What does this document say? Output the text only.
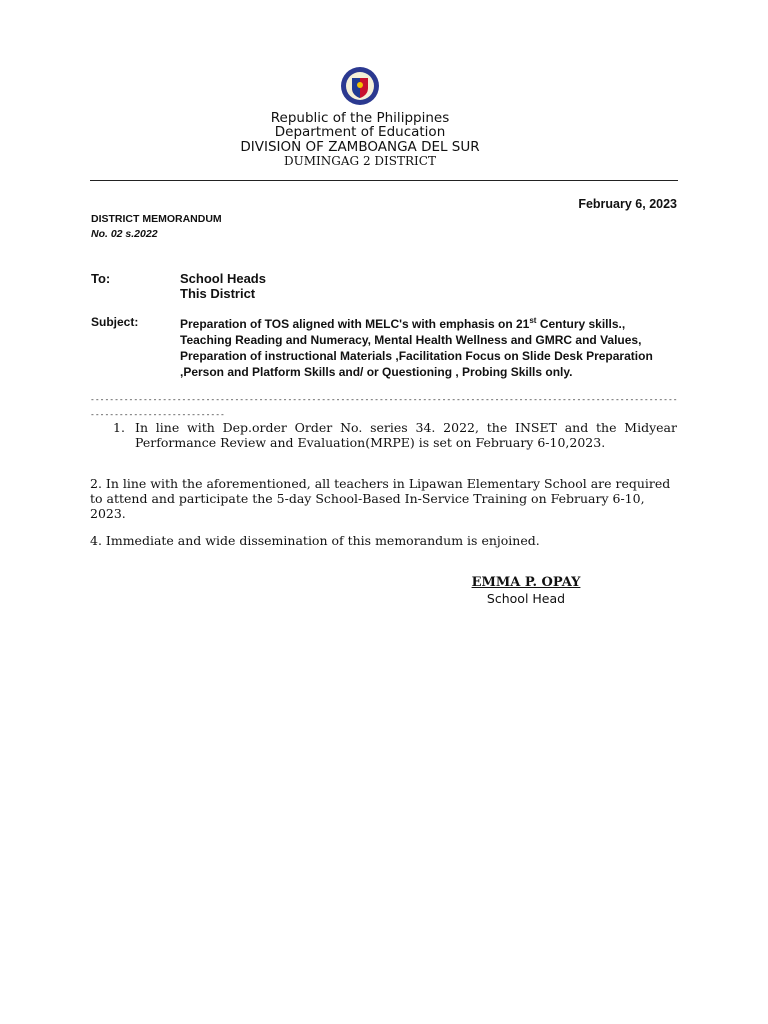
Republic of the Philippines
Department of Education
DIVISION OF ZAMBOANGA DEL SUR
DUMINGAG 2 DISTRICT
February 6, 2023
DISTRICT MEMORANDUM
No. 02 s.2022
To:	School Heads
This District
Subject:	Preparation of TOS aligned with MELC's with emphasis on 21st Century skills., Teaching Reading and Numeracy, Mental Health Wellness and GMRC and Values, Preparation of instructional Materials ,Facilitation Focus on Slide Desk Preparation ,Person and Platform Skills and/ or Questioning , Probing Skills only.
------------------------------------------------------------------------------------------------------------------------------------------------------
1. In line with Dep.order Order No. series 34. 2022, the INSET and the Midyear Performance Review and Evaluation(MRPE) is set on February 6-10,2023.
2. In line with the aforementioned, all teachers in Lipawan Elementary School are required to attend and participate the 5-day School-Based In-Service Training on February 6-10, 2023.
4. Immediate and wide dissemination of this memorandum is enjoined.
EMMA P. OPAY
School Head
